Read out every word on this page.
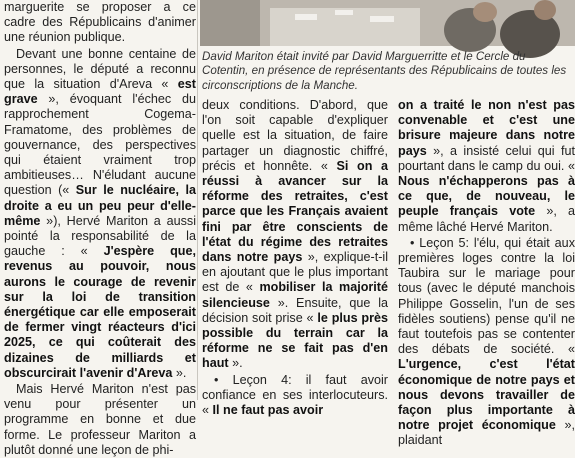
David Mariton était invité par David Marguerritte et le Cercle du Cotentin, en présence de représentants des Républicains de toutes les circonscriptions de la Manche.

marguerite se proposer a ce cadre des Républicains d'animer une réunion publique.

Devant une bonne centaine de personnes, le député a reconnu que la situation d'Areva « est grave », évoquant l'échec du rapprochement Cogema-Framatome, des problèmes de gouvernance, des perspectives qui étaient vraiment trop ambitieuses… N'éludant aucune question (« Sur le nucléaire, la droite a eu un peu peur d'elle-même »), Hervé Mariton a aussi pointé la responsabilité de la gauche : « J'espère que, revenus au pouvoir, nous aurons le courage de revenir sur la loi de transition énergétique car elle emposerait de fermer vingt réacteurs d'ici 2025, ce qui coûterait des dizaines de milliards et obscurcirait l'avenir d'Areva ».

Mais Hervé Mariton n'est pas venu pour présenter un programme en bonne et due forme. Le professeur Mariton a plutôt donné une leçon de phi-

deux conditions. D'abord, que l'on soit capable d'expliquer quelle est la situation, de faire partager un diagnostic chiffré, précis et honnête. « Si on a réussi à avancer sur la réforme des retraites, c'est parce que les Français avaient fini par être conscients de l'état du régime des retraites dans notre pays », explique-t-il en ajoutant que le plus important est de « mobiliser la majorité silencieuse ». Ensuite, que la décision soit prise « le plus près possible du terrain car la réforme ne se fait pas d'en haut ».

• Leçon 4: il faut avoir confiance en ses interlocuteurs. « Il ne faut pas avoir

on a traité le non n'est pas convenable et c'est une brisure majeure dans notre pays », a insisté celui qui fut pourtant dans le camp du oui. « Nous n'échapperons pas à ce que, de nouveau, le peuple français vote », a même lâché Hervé Mariton.

• Leçon 5: l'élu, qui était aux premières loges contre la loi Taubira sur le mariage pour tous (avec le député manchois Philippe Gosselin, l'un de ses fidèles soutiens) pense qu'il ne faut toutefois pas se contenter des débats de société. « L'urgence, c'est l'état économique de notre pays et nous devons travailler de façon plus importante à notre projet économique », plaidant
